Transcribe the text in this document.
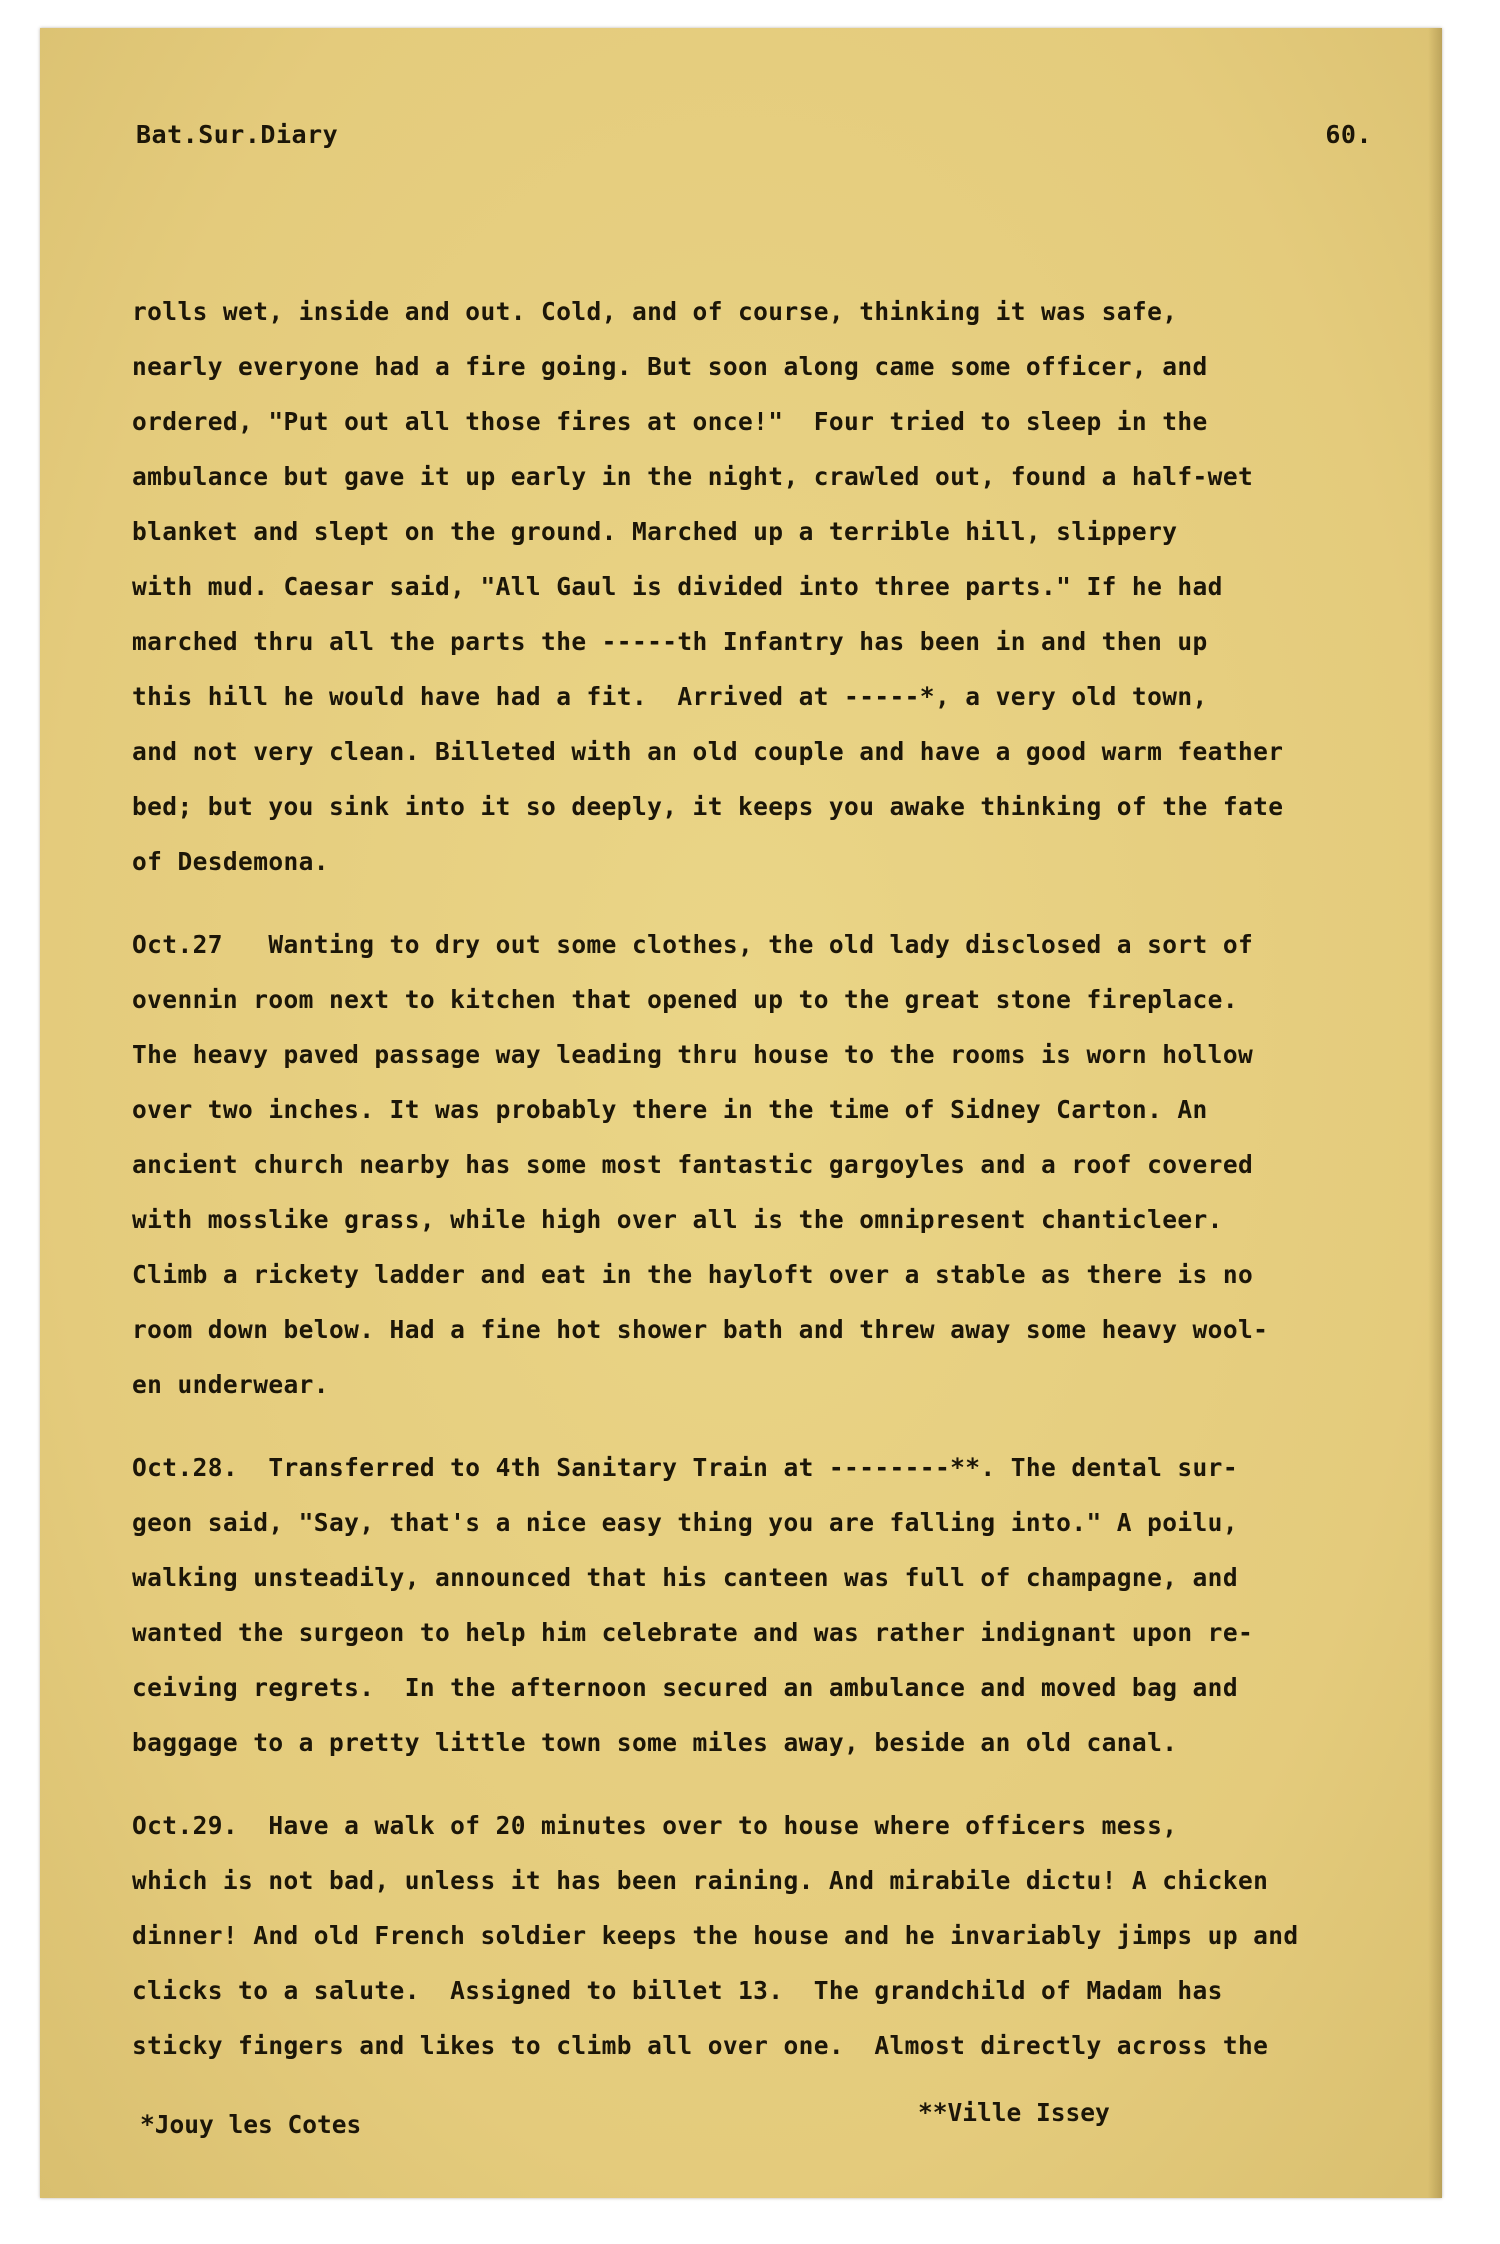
Bat.Sur.Diary	60.
rolls wet, inside and out. Cold, and of course, thinking it was safe,
nearly everyone had a fire going. But soon along came some officer, and
ordered, "Put out all those fires at once!"  Four tried to sleep in the
ambulance but gave it up early in the night, crawled out, found a half-wet
blanket and slept on the ground. Marched up a terrible hill, slippery
with mud. Caesar said, "All Gaul is divided into three parts." If he had
marched thru all the parts the -----th Infantry has been in and then up
this hill he would have had a fit.  Arrived at -----*, a very old town,
and not very clean. Billeted with an old couple and have a good warm feather
bed; but you sink into it so deeply, it keeps you awake thinking of the fate
of Desdemona.
Oct.27   Wanting to dry out some clothes, the old lady disclosed a sort of
ovennin room next to kitchen that opened up to the great stone fireplace.
The heavy paved passage way leading thru house to the rooms is worn hollow
over two inches. It was probably there in the time of Sidney Carton. An
ancient church nearby has some most fantastic gargoyles and a roof covered
with mosslike grass, while high over all is the omnipresent chanticleer.
Climb a rickety ladder and eat in the hayloft over a stable as there is no
room down below. Had a fine hot shower bath and threw away some heavy wool-
en underwear.
Oct.28.  Transferred to 4th Sanitary Train at --------**. The dental sur-
geon said, "Say, that's a nice easy thing you are falling into." A poilu,
walking unsteadily, announced that his canteen was full of champagne, and
wanted the surgeon to help him celebrate and was rather indignant upon re-
ceiving regrets.  In the afternoon secured an ambulance and moved bag and
baggage to a pretty little town some miles away, beside an old canal.
Oct.29.  Have a walk of 20 minutes over to house where officers mess,
which is not bad, unless it has been raining. And mirabile dictu! A chicken
dinner! And old French soldier keeps the house and he invariably jimps up and
clicks to a salute.  Assigned to billet 13.  The grandchild of Madam has
sticky fingers and likes to climb all over one.  Almost directly across the
*Jouy les Cotes	**Ville Issey
